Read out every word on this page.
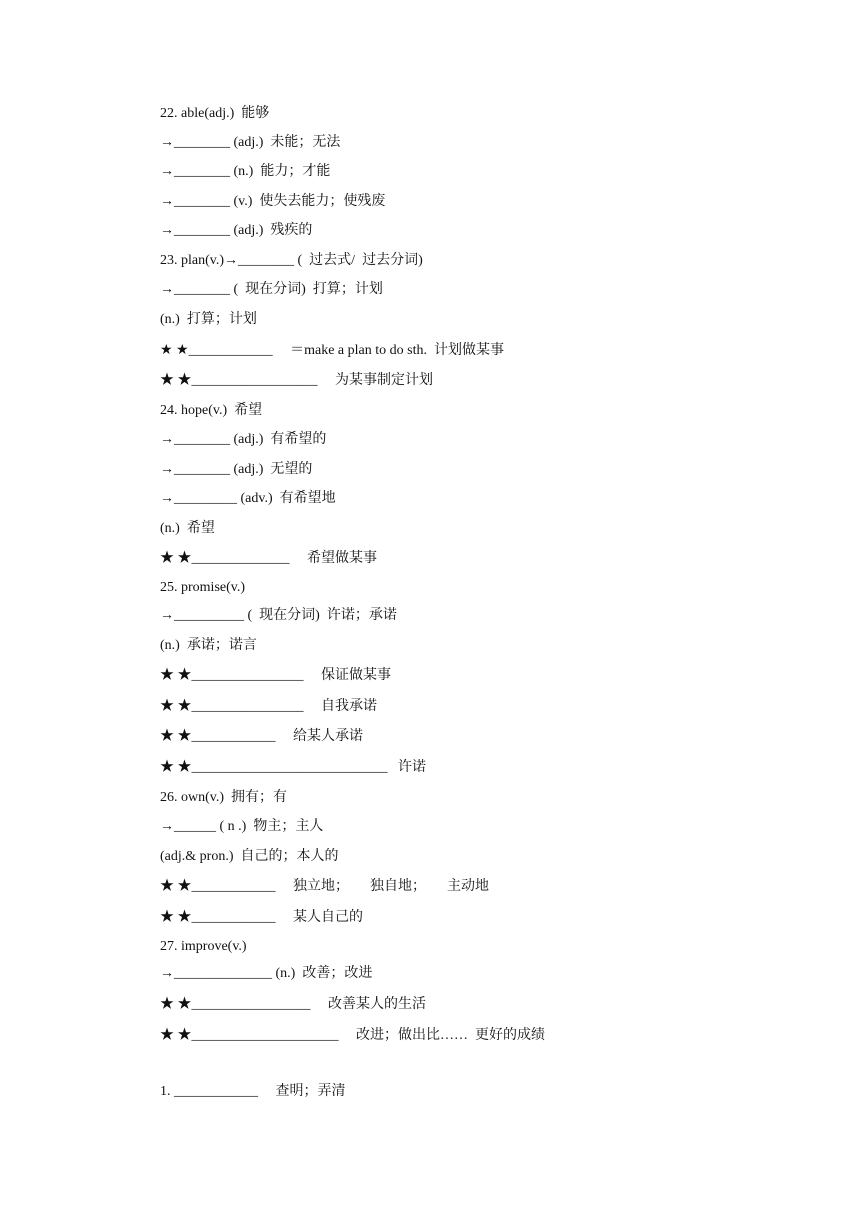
22. able(adj.)  能够
→________ (adj.)  未能；无法
→________ (n.)  能力；才能
→________ (v.)  使失去能力；使残废
→________ (adj.)  残疾的
23. plan(v.)→________ (  过去式/  过去分词)
→________ (  现在分词)  打算；计划
(n.)  打算；计划
★ ★____________     ＝make a plan to do sth.  计划做某事
★ ★__________________     为某事制定计划
24. hope(v.)  希望
→________ (adj.)  有希望的
→________ (adj.)  无望的
→_________ (adv.)  有希望地
(n.)  希望
★ ★______________     希望做某事
25. promise(v.)
→__________ (  现在分词)  许诺；承诺
(n.)  承诺；诺言
★ ★________________     保证做某事
★ ★________________     自我承诺
★ ★____________     给某人承诺
★ ★____________________________   许诺
26. own(v.)  拥有；有
→______ ( n .)  物主；主人
(adj.& pron.)  自己的；本人的
★ ★____________     独立地；      独自地；      主动地
★ ★____________     某人自己的
27. improve(v.)
→______________ (n.)  改善；改进
★ ★_________________     改善某人的生活
★ ★_____________________     改进；做出比……  更好的成绩
1. ____________     查明；弄清
